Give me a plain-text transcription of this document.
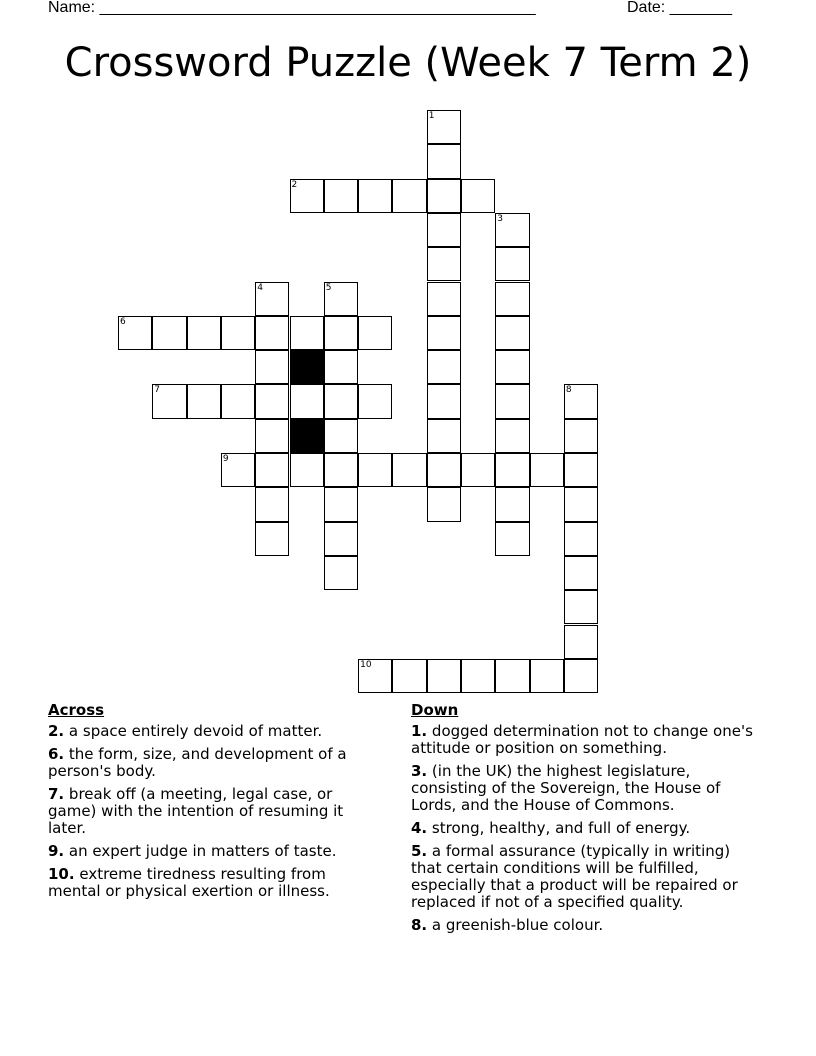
Name: _________________________________________________	Date: _______
Crossword Puzzle (Week 7 Term 2)
1
2
3
4	5
6
7	8
9
10
Across
2. a space entirely devoid of matter.
6. the form, size, and development of a person's body.
7. break off (a meeting, legal case, or game) with the intention of resuming it later.
9. an expert judge in matters of taste.
10. extreme tiredness resulting from mental or physical exertion or illness.
Down
1. dogged determination not to change one's attitude or position on something.
3. (in the UK) the highest legislature, consisting of the Sovereign, the House of Lords, and the House of Commons.
4. strong, healthy, and full of energy.
5. a formal assurance (typically in writing) that certain conditions will be fulfilled, especially that a product will be repaired or replaced if not of a specified quality.
8. a greenish-blue colour.
